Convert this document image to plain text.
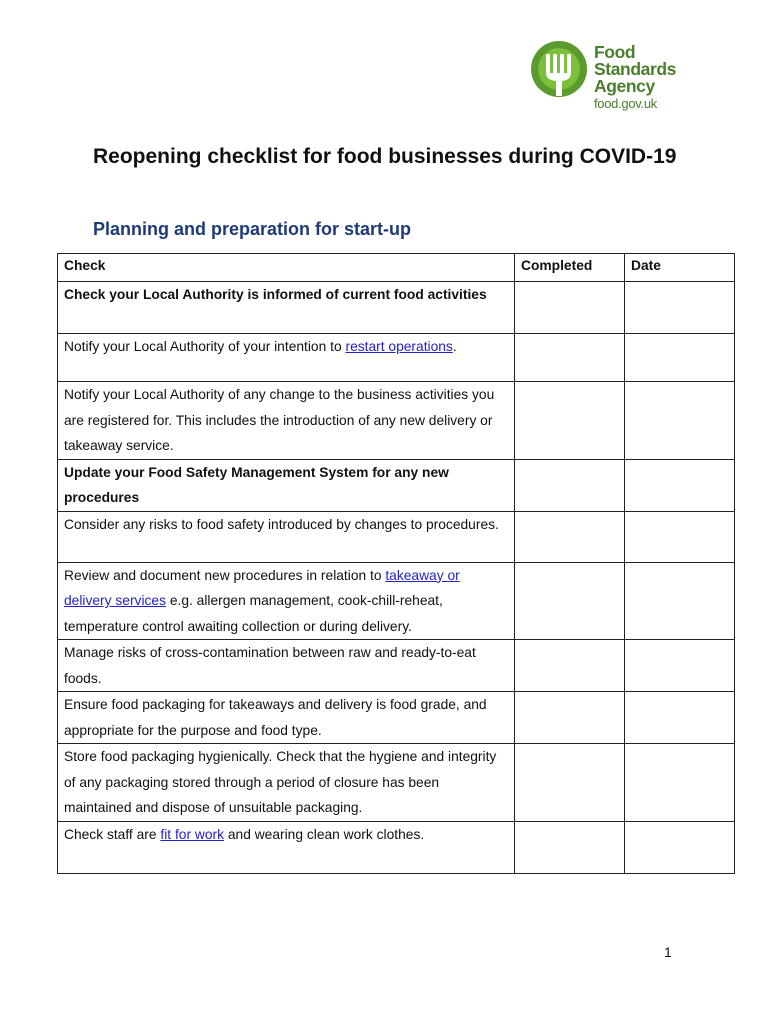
Food
Standards
Agency
food.gov.uk
Reopening checklist for food businesses during COVID-19
Planning and preparation for start-up
Check	Completed	Date
Check your Local Authority is informed of current food activities		
Notify your Local Authority of your intention to restart operations.		
Notify your Local Authority of any change to the business activities you are registered for. This includes the introduction of any new delivery or takeaway service.		
Update your Food Safety Management System for any new procedures		
Consider any risks to food safety introduced by changes to procedures.		
Review and document new procedures in relation to takeaway or delivery services e.g. allergen management, cook-chill-reheat, temperature control awaiting collection or during delivery.		
Manage risks of cross-contamination between raw and ready-to-eat foods.		
Ensure food packaging for takeaways and delivery is food grade, and appropriate for the purpose and food type.		
Store food packaging hygienically. Check that the hygiene and integrity of any packaging stored through a period of closure has been maintained and dispose of unsuitable packaging.		
Check staff are fit for work and wearing clean work clothes.		
1
